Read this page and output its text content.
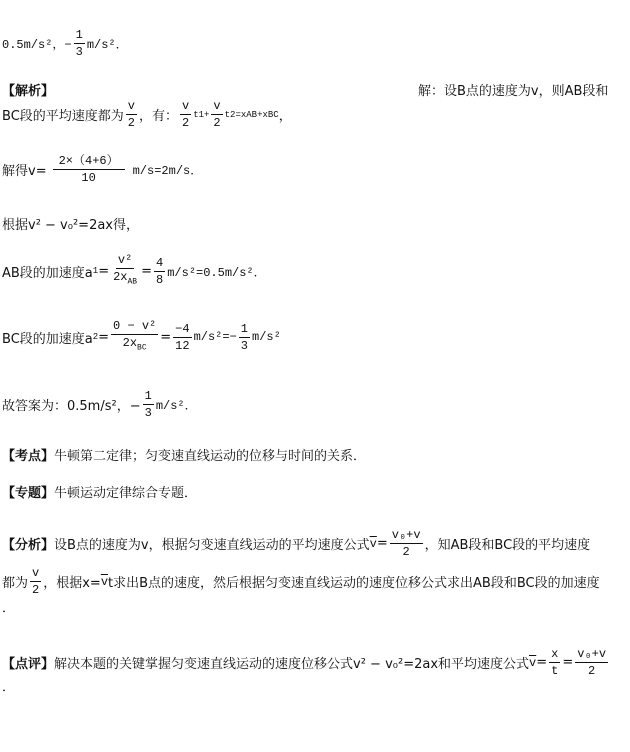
0.5m/s²，− $\frac{1}{3} m/s^2$．
【解析】	解：设B点的速度为v，则AB段和
BC段的平均速度都为 $\frac{v}{2}$ ，有： $\frac{v}{2}$ t $1 + \frac{v}{2}$ t 2 =x AB +x BC ，
解得$v= \frac{2\times(4+6)}{10} m/s=2m/s$．
根据v² − v₀²=2ax得，
AB段的加速度a $1 = \frac{\text{v²}}{2x_{AB}} = \frac{4}{8} m/s^2=0.5m/s^2$．
BC段的加速度a $2 = \frac{\text{0 − v²}}{2x_{BC}} = \frac{-4}{12} m/s^2=- \frac{1}{3} m/s^2$
故答案为：0.5m/s²，− $\frac{1}{3} m/s^2$．
【考点】 牛顿第二定律；匀变速直线运动的位移与时间的关系．
【专题】 牛顿运动定律综合专题．
【分析】 设B点的速度为v，根据匀变速直线运动的平均速度公式 $\overline{v} = \frac{\text{v₀+v}}{2}$ ，知AB段和BC段的平均速度
都为 $\frac{v}{2}$ ，根据$x= \overline{v}$ t求出B点的速度，然后根据匀变速直线运动的速度位移公式求出AB段和BC段的加速度
．
【点评】 解决本题的关键掌握匀变速直线运动的速度位移公式v² − v₀²=2ax和平均速度公式 $\overline{v} = \frac{x}{t} = \frac{\text{v₀+v}}{2}$
．
